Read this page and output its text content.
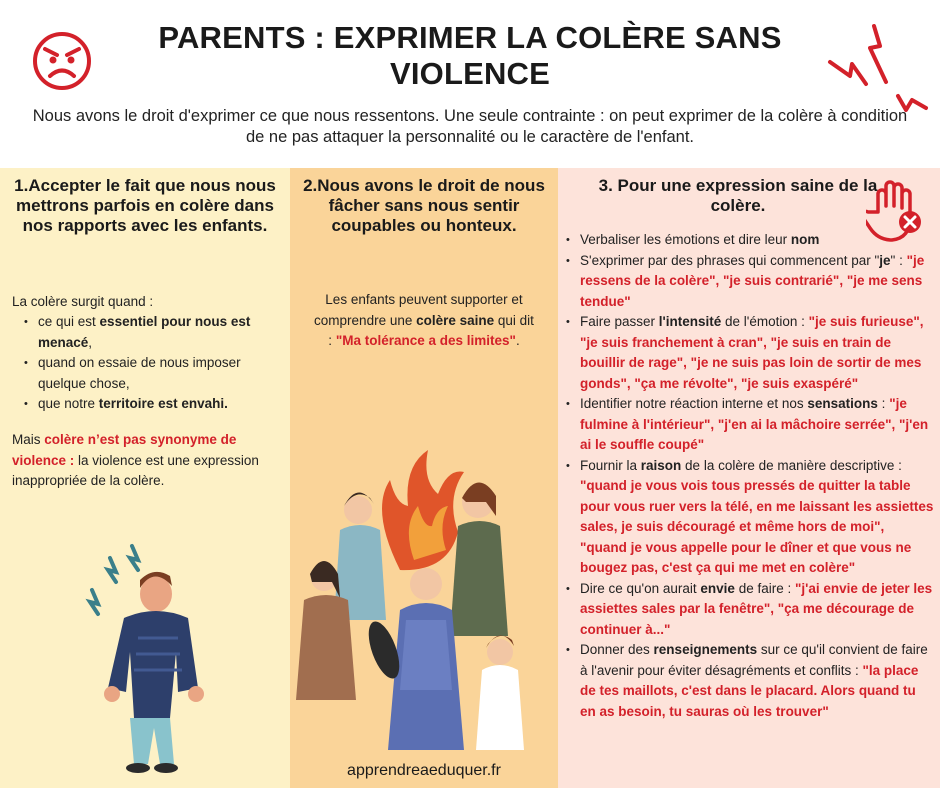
PARENTS : EXPRIMER LA COLÈRE SANS VIOLENCE
Nous avons le droit d'exprimer ce que nous ressentons. Une seule contrainte : on peut exprimer de la colère à condition de ne pas attaquer la personnalité ou le caractère de l'enfant.
1.Accepter le fait que nous nous mettrons parfois en colère dans nos rapports avec les enfants.
La colère surgit quand :
• ce qui est essentiel pour nous est menacé,
• quand on essaie de nous imposer quelque chose,
• que notre territoire est envahi.
Mais colère n’est pas synonyme de violence : la violence est une expression inappropriée de la colère.
2.Nous avons le droit de nous fâcher sans nous sentir coupables ou honteux.
Les enfants peuvent supporter et comprendre une colère saine qui dit : "Ma tolérance a des limites".
apprendreaeduquer.fr
3. Pour une expression saine de la colère.
• Verbaliser les émotions et dire leur nom
• S'exprimer par des phrases qui commencent par "je" : "je ressens de la colère", "je suis contrarié", "je me sens tendue"
• Faire passer l'intensité de l'émotion : "je suis furieuse", "je suis franchement à cran", "je suis en train de bouillir de rage", "je ne suis pas loin de sortir de mes gonds", "ça me révolte", "je suis exaspéré"
• Identifier notre réaction interne et nos sensations : "je fulmine à l'intérieur", "j'en ai la mâchoire serrée", "j'en ai le souffle coupé"
• Fournir la raison de la colère de manière descriptive : "quand je vous vois tous pressés de quitter la table pour vous ruer vers la télé, en me laissant les assiettes sales, je suis découragé et même hors de moi", "quand je vous appelle pour le dîner et que vous ne bougez pas, c'est ça qui me met en colère"
• Dire ce qu'on aurait envie de faire : "j'ai envie de jeter les assiettes sales par la fenêtre", "ça me décourage de continuer à..."
• Donner des renseignements sur ce qu'il convient de faire à l'avenir pour éviter désagréments et conflits : "la place de tes maillots, c'est dans le placard. Alors quand tu en as besoin, tu sauras où les trouver"
